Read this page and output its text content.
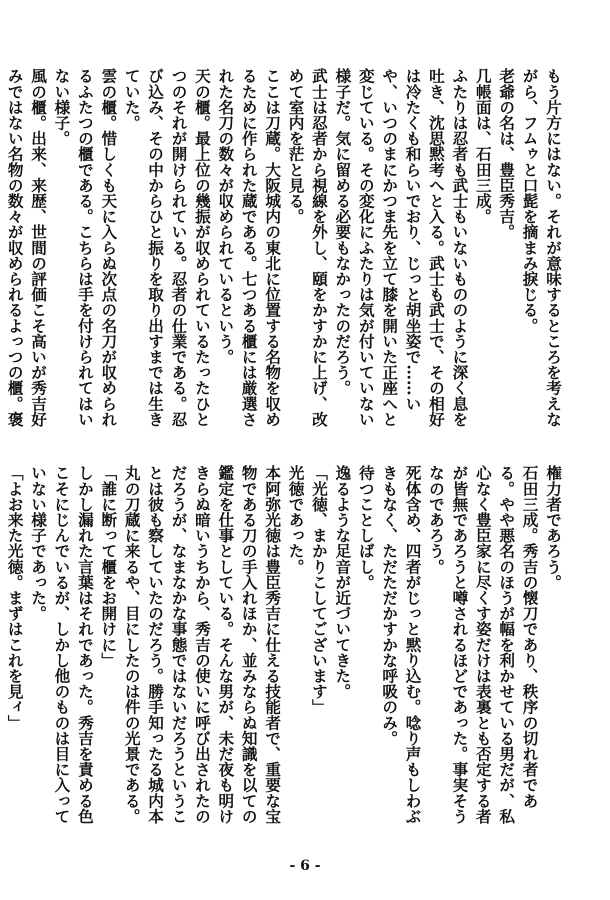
もう片方にはない。それが意味するところを考えながら、フムゥと口髭を摘まみ捩じる。

老爺の名は、豊臣秀吉。

几帳面は、石田三成。

ふたりは忍者も武士もいないもののように深く息を吐き、沈思黙考へと入る。武士も武士で、その相好は冷たくも和らいでおり、じっと胡坐姿で……いや、いつのまにかつま先を立て膝を開いた正座へと変じている。その変化にふたりは気が付いていない様子だ。気に留める必要もなかったのだろう。

武士は忍者から視線を外し、頤をかすかに上げ、改めて室内を茫と見る。

ここは刀蔵。大阪城内の東北に位置する名物を収めるために作られた蔵である。七つある櫃には厳選された名刀の数々が収められているという。

天の櫃。最上位の幾振が収められているたったひとつのそれが開けられている。忍者の仕業である。忍び込み、その中からひと振りを取り出すまでは生きていた。

雲の櫃。惜しくも天に入らぬ次点の名刀が収められるふたつの櫃である。こちらは手を付けられてはいない様子。

風の櫃。出来、来歴、世間の評価こそ高いが秀吉好みではない名物の数々が収められるよっつの櫃。褒

権力者であろう。

石田三成。秀吉の懐刀であり、秩序の切れ者である。やや悪名のほうが幅を利かせている男だが、私心なく豊臣家に尽くす姿だけは表裏とも否定する者が皆無であろうと噂されるほどであった。事実そうなのであろう。

死体含め、四者がじっと黙り込む。唸り声もしわぶきもなく、ただただかすかな呼吸のみ。

待つことしばし。

逸るような足音が近づいてきた。

「光徳、まかりこしてございます」

光徳であった。

本阿弥光徳は豊臣秀吉に仕える技能者で、重要な宝物である刀の手入れほか、並みならぬ知識を以ての鑑定を仕事としている。そんな男が、未だ夜も明けきらぬ暗いうちから、秀吉の使いに呼び出されたのだろうが、なまなかな事態ではないだろうということは彼も察していたのだろう。勝手知ったる城内本丸の刀蔵に来るや、目にしたのは件の光景である。

「誰に断って櫃をお開けに」

しかし漏れた言葉はそれであった。秀吉を責める色こそにじんでいるが、しかし他のものは目に入っていない様子であった。

「よお来た光徳。まずはこれを見ィ」

- 6 -
